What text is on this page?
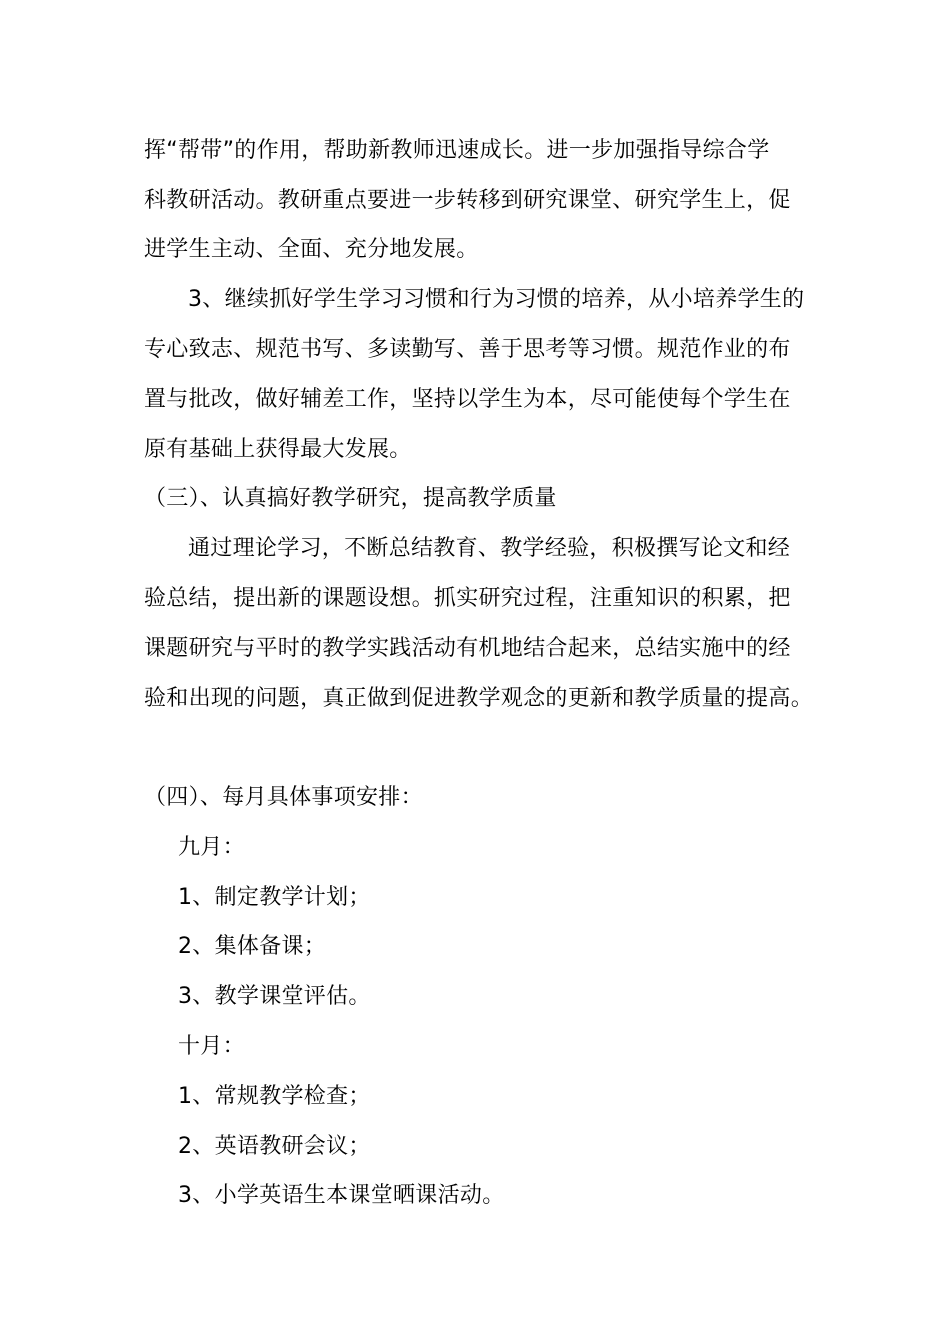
挥“帮带”的作用，帮助新教师迅速成长。进一步加强指导综合学
科教研活动。教研重点要进一步转移到研究课堂、研究学生上，促
进学生主动、全面、充分地发展。
3、继续抓好学生学习习惯和行为习惯的培养，从小培养学生的
专心致志、规范书写、多读勤写、善于思考等习惯。规范作业的布
置与批改，做好辅差工作，坚持以学生为本，尽可能使每个学生在
原有基础上获得最大发展。
（三）、认真搞好教学研究，提高教学质量
通过理论学习，不断总结教育、教学经验，积极撰写论文和经
验总结，提出新的课题设想。抓实研究过程，注重知识的积累，把
课题研究与平时的教学实践活动有机地结合起来，总结实施中的经
验和出现的问题，真正做到促进教学观念的更新和教学质量的提高。
（四）、每月具体事项安排：
九月：
1、制定教学计划；
2、集体备课；
3、教学课堂评估。
十月：
1、常规教学检查；
2、英语教研会议；
3、小学英语生本课堂晒课活动。
